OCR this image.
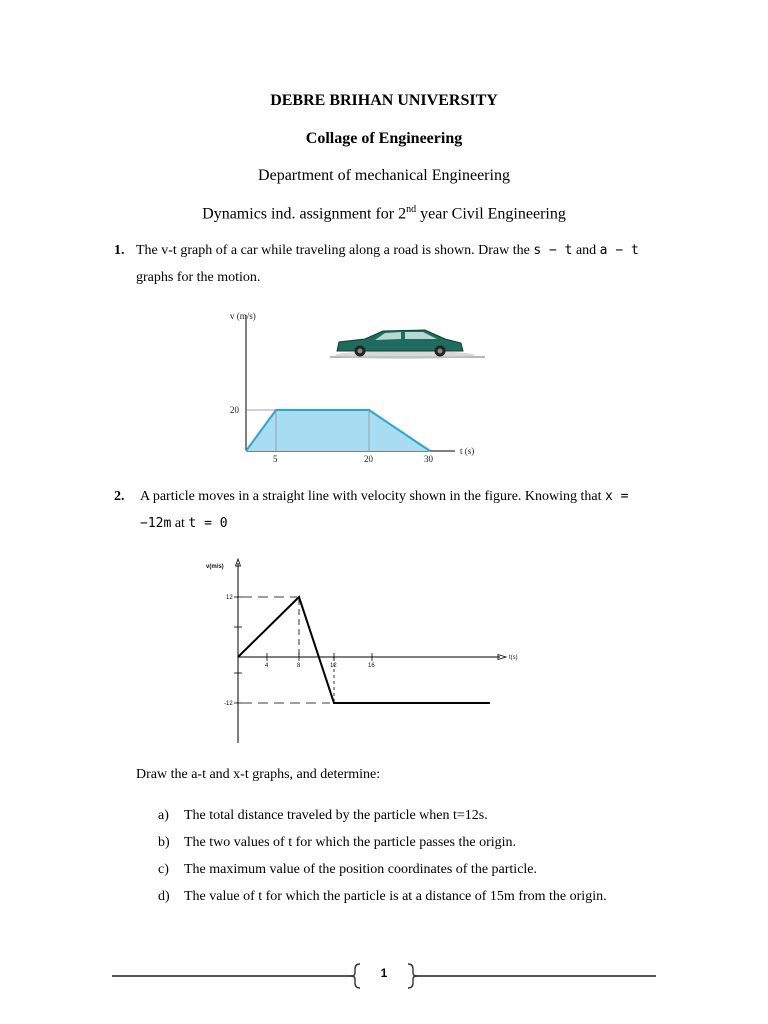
DEBRE BRIHAN UNIVERSITY
Collage of Engineering
Department of mechanical Engineering
Dynamics ind. assignment for 2nd year Civil Engineering
1. The v-t graph of a car while traveling along a road is shown. Draw the s − t and a − t
graphs for the motion.
v (m/s)
20
5	20	30
t (s)
2. A particle moves in a straight line with velocity shown in the figure. Knowing that x =
−12m at t = 0
v(m/s)
12
-12
4	8	12	16
t(s)
Draw the a-t and x-t graphs, and determine:
a) The total distance traveled by the particle when t=12s.
b) The two values of t for which the particle passes the origin.
c) The maximum value of the position coordinates of the particle.
d) The value of t for which the particle is at a distance of 15m from the origin.
1
